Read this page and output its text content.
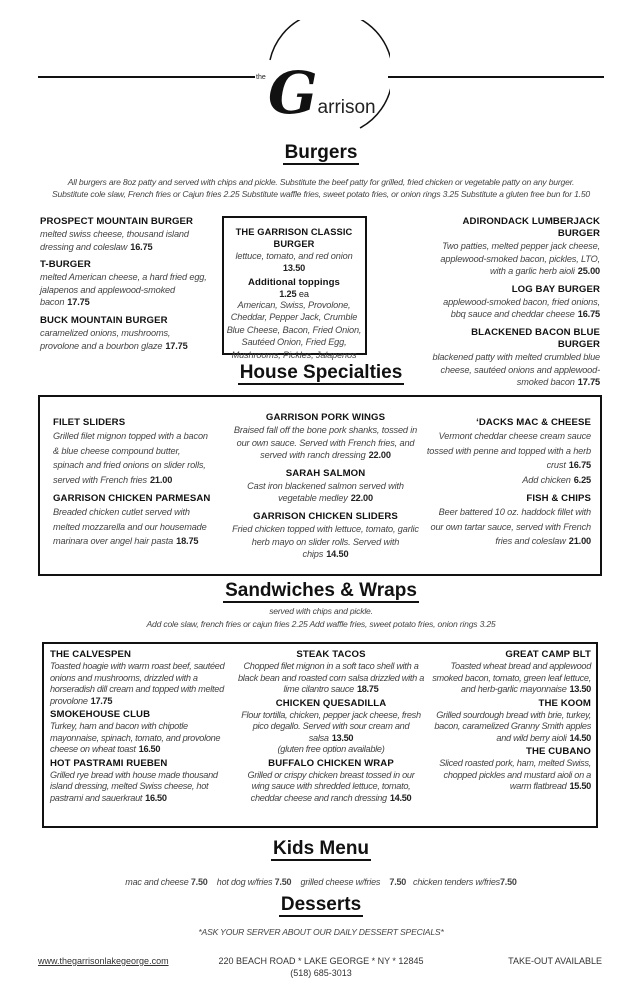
the Garrison
Burgers
All burgers are 8oz patty and served with chips and pickle. Substitute the beef patty for grilled, fried chicken or vegetable patty on any burger.
Substitute cole slaw, French fries or Cajun fries 2.25 Substitute waffle fries, sweet potato fries, or onion rings 3.25 Substitute a gluten free bun for 1.50
PROSPECT MOUNTAIN BURGER
melted swiss cheese, thousand island dressing and coleslaw 16.75
T-BURGER
melted American cheese, a hard fried egg, jalapenos and applewood-smoked bacon 17.75
BUCK MOUNTAIN BURGER
caramelized onions, mushrooms, provolone and a bourbon glaze 17.75
THE GARRISON CLASSIC BURGER
lettuce, tomato, and red onion
13.50
Additional toppings
1.25 ea
American, Swiss, Provolone, Cheddar, Pepper Jack, Crumble Blue Cheese, Bacon, Fried Onion, Sautéed Onion, Fried Egg, Mushrooms, Pickles, Jalapenos
ADIRONDACK LUMBERJACK BURGER
Two patties, melted pepper jack cheese, applewood-smoked bacon, pickles, LTO, with a garlic herb aioli 25.00
LOG BAY BURGER
applewood-smoked bacon, fried onions, bbq sauce and cheddar cheese 16.75
BLACKENED BACON BLUE BURGER
blackened patty with melted crumbled blue cheese, sautéed onions and applewood-smoked bacon 17.75
House Specialties
FILET SLIDERS
Grilled filet mignon topped with a bacon & blue cheese compound butter, spinach and fried onions on slider rolls, served with French fries 21.00
GARRISON CHICKEN PARMESAN
Breaded chicken cutlet served with melted mozzarella and our housemade marinara over angel hair pasta 18.75
GARRISON PORK WINGS
Braised fall off the bone pork shanks, tossed in our own sauce. Served with French fries, and served with ranch dressing 22.00
SARAH SALMON
Cast iron blackened salmon served with vegetable medley 22.00
GARRISON CHICKEN SLIDERS
Fried chicken topped with lettuce, tomato, garlic herb mayo on slider rolls. Served with chips 14.50
‘DACKS MAC & CHEESE
Vermont cheddar cheese cream sauce tossed with penne and topped with a herb crust 16.75
Add chicken 6.25
FISH & CHIPS
Beer battered 10 oz. haddock fillet with our own tartar sauce, served with French fries and coleslaw 21.00
Sandwiches & Wraps
served with chips and pickle.
Add cole slaw, french fries or cajun fries 2.25 Add waffle fries, sweet potato fries, onion rings 3.25
THE CALVESPEN
Toasted hoagie with warm roast beef, sautéed onions and mushrooms, drizzled with a horseradish dill cream and topped with melted provolone 17.75
SMOKEHOUSE CLUB
Turkey, ham and bacon with chipotle mayonnaise, spinach, tomato, and provolone cheese on wheat toast 16.50
HOT PASTRAMI RUEBEN
Grilled rye bread with house made thousand island dressing, melted Swiss cheese, hot pastrami and sauerkraut 16.50
STEAK TACOS
Chopped filet mignon in a soft taco shell with a black bean and roasted corn salsa drizzled with a lime cilantro sauce 18.75
CHICKEN QUESADILLA
Flour tortilla, chicken, pepper jack cheese, fresh pico degallo. Served with sour cream and salsa 13.50
(gluten free option available)
BUFFALO CHICKEN WRAP
Grilled or crispy chicken breast tossed in our wing sauce with shredded lettuce, tomato, cheddar cheese and ranch dressing 14.50
GREAT CAMP BLT
Toasted wheat bread and applewood smoked bacon, tomato, green leaf lettuce, and herb-garlic mayonnaise 13.50
THE KOOM
Grilled sourdough bread with brie, turkey, bacon, caramelized Granny Smith apples and wild berry aioli 14.50
THE CUBANO
Sliced roasted pork, ham, melted Swiss, chopped pickles and mustard aioli on a warm flatbread 15.50
Kids Menu
mac and cheese 7.50 hot dog w/fries 7.50 grilled cheese w/fries 7.50 chicken tenders w/fries7.50
Desserts
*ASK YOUR SERVER ABOUT OUR DAILY DESSERT SPECIALS*
www.thegarrisonlakegeorge.com	220 BEACH ROAD * LAKE GEORGE * NY * 12845
(518) 685-3013
TAKE-OUT AVAILABLE
